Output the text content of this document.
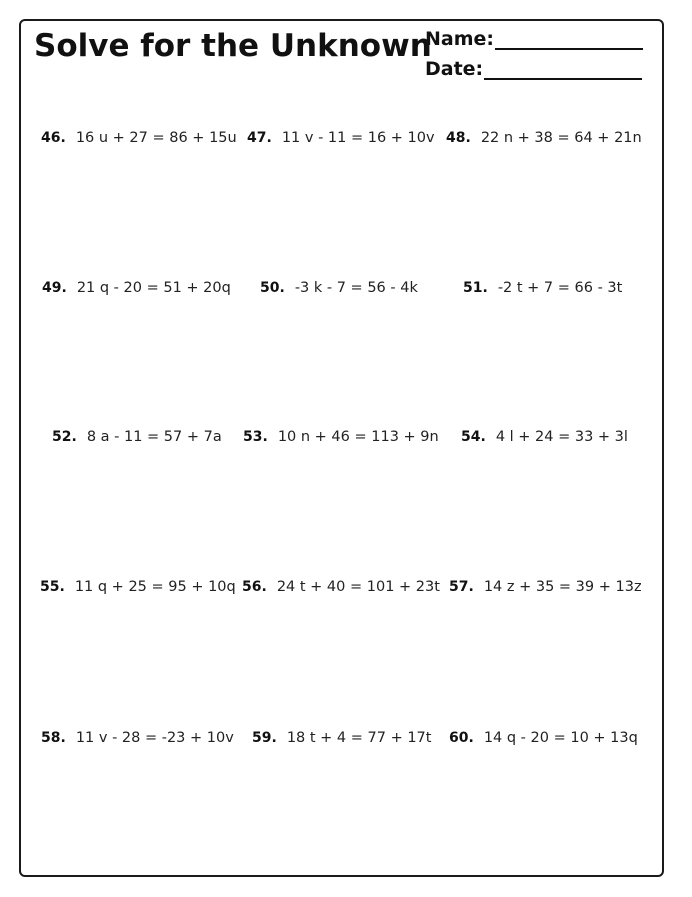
Solve for the Unknown
Name:
Date:
46. 16 u + 27 = 86 + 15u 47. 11 v - 11 = 16 + 10v 48. 22 n + 38 = 64 + 21n
49. 21 q - 20 = 51 + 20q 50. -3 k - 7 = 56 - 4k	51. -2 t + 7 = 66 - 3t
52. 8 a - 11 = 57 + 7a 53. 10 n + 46 = 113 + 9n 54. 4 l + 24 = 33 + 3l
55. 11 q + 25 = 95 + 10q 56. 24 t + 40 = 101 + 23t 57. 14 z + 35 = 39 + 13z
58. 11 v - 28 = -23 + 10v 59. 18 t + 4 = 77 + 17t 60. 14 q - 20 = 10 + 13q
